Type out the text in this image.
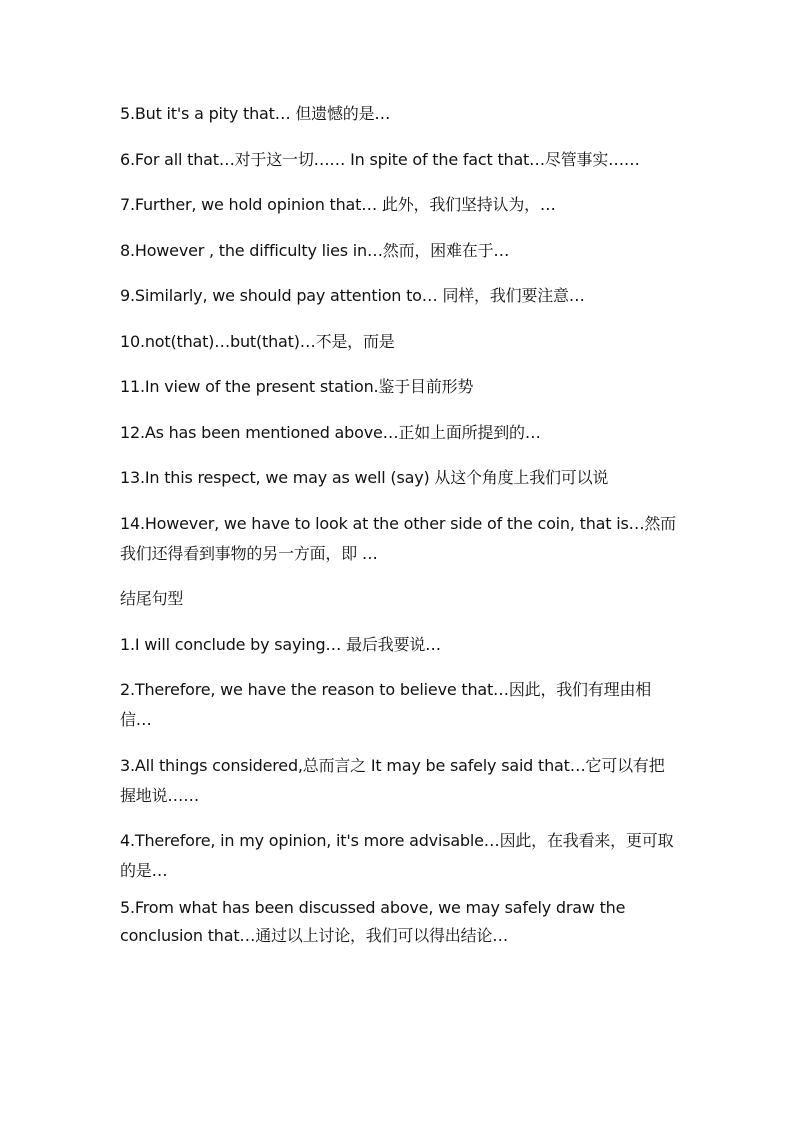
5.But it's a pity that… 但遗憾的是…

6.For all that…对于这一切…… In spite of the fact that…尽管事实……

7.Further, we hold opinion that… 此外，我们坚持认为，…

8.However , the difficulty lies in…然而，困难在于…

9.Similarly, we should pay attention to… 同样，我们要注意…

10.not(that)…but(that)…不是，而是

11.In view of the present station.鉴于目前形势

12.As has been mentioned above…正如上面所提到的…

13.In this respect, we may as well (say) 从这个角度上我们可以说

14.However, we have to look at the other side of the coin, that is…然而我们还得看到事物的另一方面，即 …

结尾句型

1.I will conclude by saying… 最后我要说…

2.Therefore, we have the reason to believe that…因此，我们有理由相信…

3.All things considered,总而言之 It may be safely said that…它可以有把握地说……

4.Therefore, in my opinion, it's more advisable…因此，在我看来，更可取的是…

5.From what has been discussed above, we may safely draw the conclusion that…通过以上讨论，我们可以得出结论…
